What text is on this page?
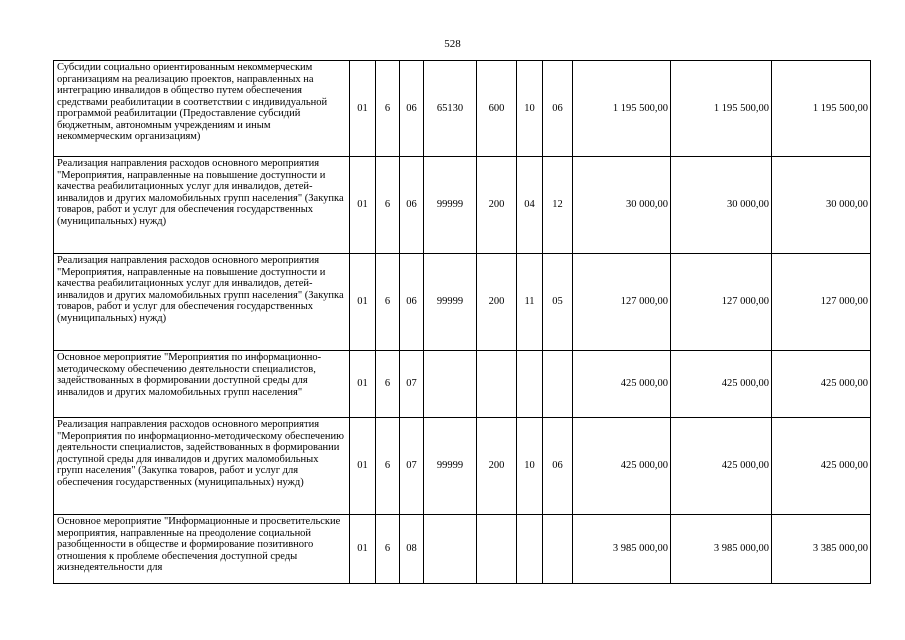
528
Субсидии социально ориентированным некоммерческим организациям на реализацию проектов, направленных на интеграцию инвалидов в общество путем обеспечения средствами реабилитации в соответствии с индивидуальной программой реабилитации (Предоставление субсидий бюджетным, автономным учреждениям и иным некоммерческим организациям)	01	6	06	65130	600	10	06	1 195 500,00	1 195 500,00	1 195 500,00

Реализация направления расходов основного мероприятия "Мероприятия, направленные на повышение доступности и качества реабилитационных услуг для инвалидов, детей-инвалидов и других маломобильных групп населения" (Закупка товаров, работ и услуг для обеспечения государственных (муниципальных) нужд)	01	6	06	99999	200	04	12	30 000,00	30 000,00	30 000,00

Реализация направления расходов основного мероприятия "Мероприятия, направленные на повышение доступности и качества реабилитационных услуг для инвалидов, детей-инвалидов и других маломобильных групп населения" (Закупка товаров, работ и услуг для обеспечения государственных (муниципальных) нужд)	01	6	06	99999	200	11	05	127 000,00	127 000,00	127 000,00

Основное мероприятие "Мероприятия по информационно-методическому обеспечению деятельности специалистов, задействованных в формировании доступной среды для инвалидов и других маломобильных групп населения"	01	6	07					425 000,00	425 000,00	425 000,00

Реализация направления расходов основного мероприятия "Мероприятия по информационно-методическому обеспечению деятельности специалистов, задействованных в формировании доступной среды для инвалидов и других маломобильных групп населения" (Закупка товаров, работ и услуг для обеспечения государственных (муниципальных) нужд)	01	6	07	99999	200	10	06	425 000,00	425 000,00	425 000,00

Основное мероприятие "Информационные и просветительские мероприятия, направленные на преодоление социальной разобщенности в обществе и формирование позитивного отношения к проблеме обеспечения доступной среды жизнедеятельности для	01	6	08					3 985 000,00	3 985 000,00	3 385 000,00
